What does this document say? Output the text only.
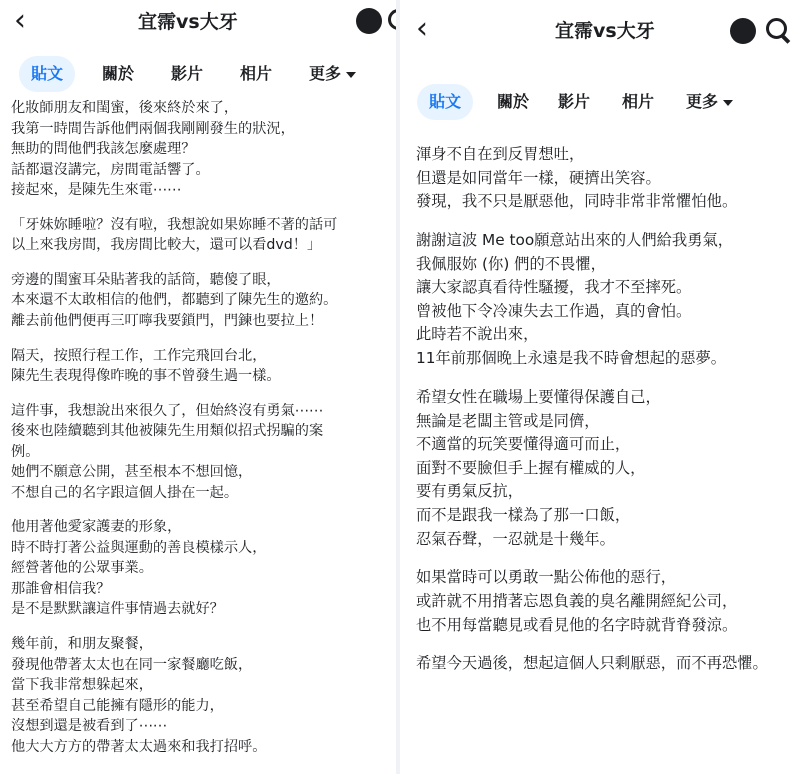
‹	宜霈vs大牙
貼文	關於 影片 相片 更多
化妝師朋友和閨蜜，後來終於來了，
我第一時間告訴他們兩個我剛剛發生的狀況，
無助的問他們我該怎麼處理？
話都還沒講完，房間電話響了。
接起來，是陳先生來電⋯⋯
「牙妹妳睡啦？沒有啦，我想說如果妳睡不著的話可
以上來我房間，我房間比較大，還可以看dvd！」
旁邊的閨蜜耳朵貼著我的話筒，聽傻了眼，
本來還不太敢相信的他們，都聽到了陳先生的邀約。
離去前他們便再三叮嚀我要鎖門，門鍊也要拉上！
隔天，按照行程工作，工作完飛回台北，
陳先生表現得像昨晚的事不曾發生過一樣。
這件事，我想說出來很久了，但始終沒有勇氣⋯⋯
後來也陸續聽到其他被陳先生用類似招式拐騙的案
例。
她們不願意公開，甚至根本不想回憶，
不想自己的名字跟這個人掛在一起。
他用著他愛家護妻的形象，
時不時打著公益與運動的善良模樣示人，
經營著他的公眾事業。
那誰會相信我？
是不是默默讓這件事情過去就好？
幾年前，和朋友聚餐，
發現他帶著太太也在同一家餐廳吃飯，
當下我非常想躲起來，
甚至希望自己能擁有隱形的能力，
沒想到還是被看到了⋯⋯
他大大方方的帶著太太過來和我打招呼。
‹	宜霈vs大牙
貼文	關於 影片 相片 更多
渾身不自在到反胃想吐，
但還是如同當年一樣，硬擠出笑容。
發現，我不只是厭惡他，同時非常非常懼怕他。
謝謝這波 Me too願意站出來的人們給我勇氣，
我佩服妳 (你) 們的不畏懼，
讓大家認真看待性騷擾，我才不至摔死。
曾被他下令冷凍失去工作過，真的會怕。
此時若不說出來，
11年前那個晚上永遠是我不時會想起的惡夢。
希望女性在職場上要懂得保護自己，
無論是老闆主管或是同儕，
不適當的玩笑要懂得適可而止，
面對不要臉但手上握有權威的人，
要有勇氣反抗，
而不是跟我一樣為了那一口飯，
忍氣吞聲，一忍就是十幾年。
如果當時可以勇敢一點公佈他的惡行，
或許就不用揹著忘恩負義的臭名離開經紀公司，
也不用每當聽見或看見他的名字時就背脊發涼。
希望今天過後，想起這個人只剩厭惡，而不再恐懼。
